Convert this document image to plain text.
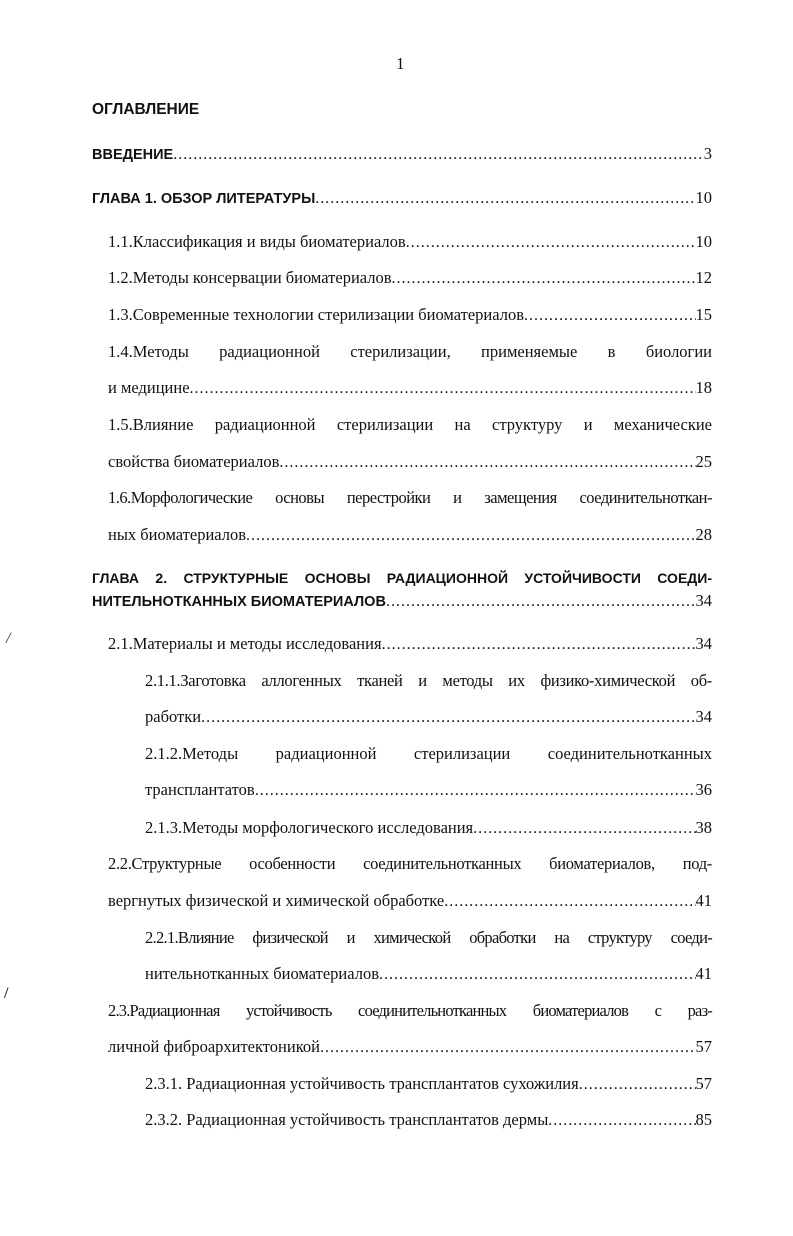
1
ОГЛАВЛЕНИЕ
ВВЕДЕНИЕ .....	3
ГЛАВА 1. ОБЗОР ЛИТЕРАТУРЫ .....	10
1.1.Классификация и виды биоматериалов .....	10
1.2.Методы консервации биоматериалов .....	12
1.3.Современные технологии стерилизации биоматериалов .....	15
1.4.Методы радиационной стерилизации, применяемые в биологии
и медицине .....	18
1.5.Влияние радиационной стерилизации на структуру и механические
свойства биоматериалов .....	25
1.6.Морфологические основы перестройки и замещения соединительноткан-
ных биоматериалов .....	28
ГЛАВА 2. СТРУКТУРНЫЕ ОСНОВЫ РАДИАЦИОННОЙ УСТОЙЧИВОСТИ СОЕДИ-
НИТЕЛЬНОТКАННЫХ БИОМАТЕРИАЛОВ .....	34
2.1.Материалы и методы исследования .....	34
2.1.1.Заготовка аллогенных тканей и методы их физико-химической об-
работки .....	34
2.1.2.Методы радиационной стерилизации соединительнотканных
трансплантатов .....	36
2.1.3.Методы морфологического исследования .....	38
2.2.Структурные особенности соединительнотканных биоматериалов, под-
вергнутых физической и химической обработке .....	41
2.2.1.Влияние физической и химической обработки на структуру соеди-
нительнотканных биоматериалов .....	41
2.3.Радиационная устойчивость соединительнотканных биоматериалов с раз-
личной фиброархитектоникой .....	57
2.3.1. Радиационная устойчивость трансплантатов сухожилия .....	57
2.3.2. Радиационная устойчивость трансплантатов дермы .....	85
/
/
